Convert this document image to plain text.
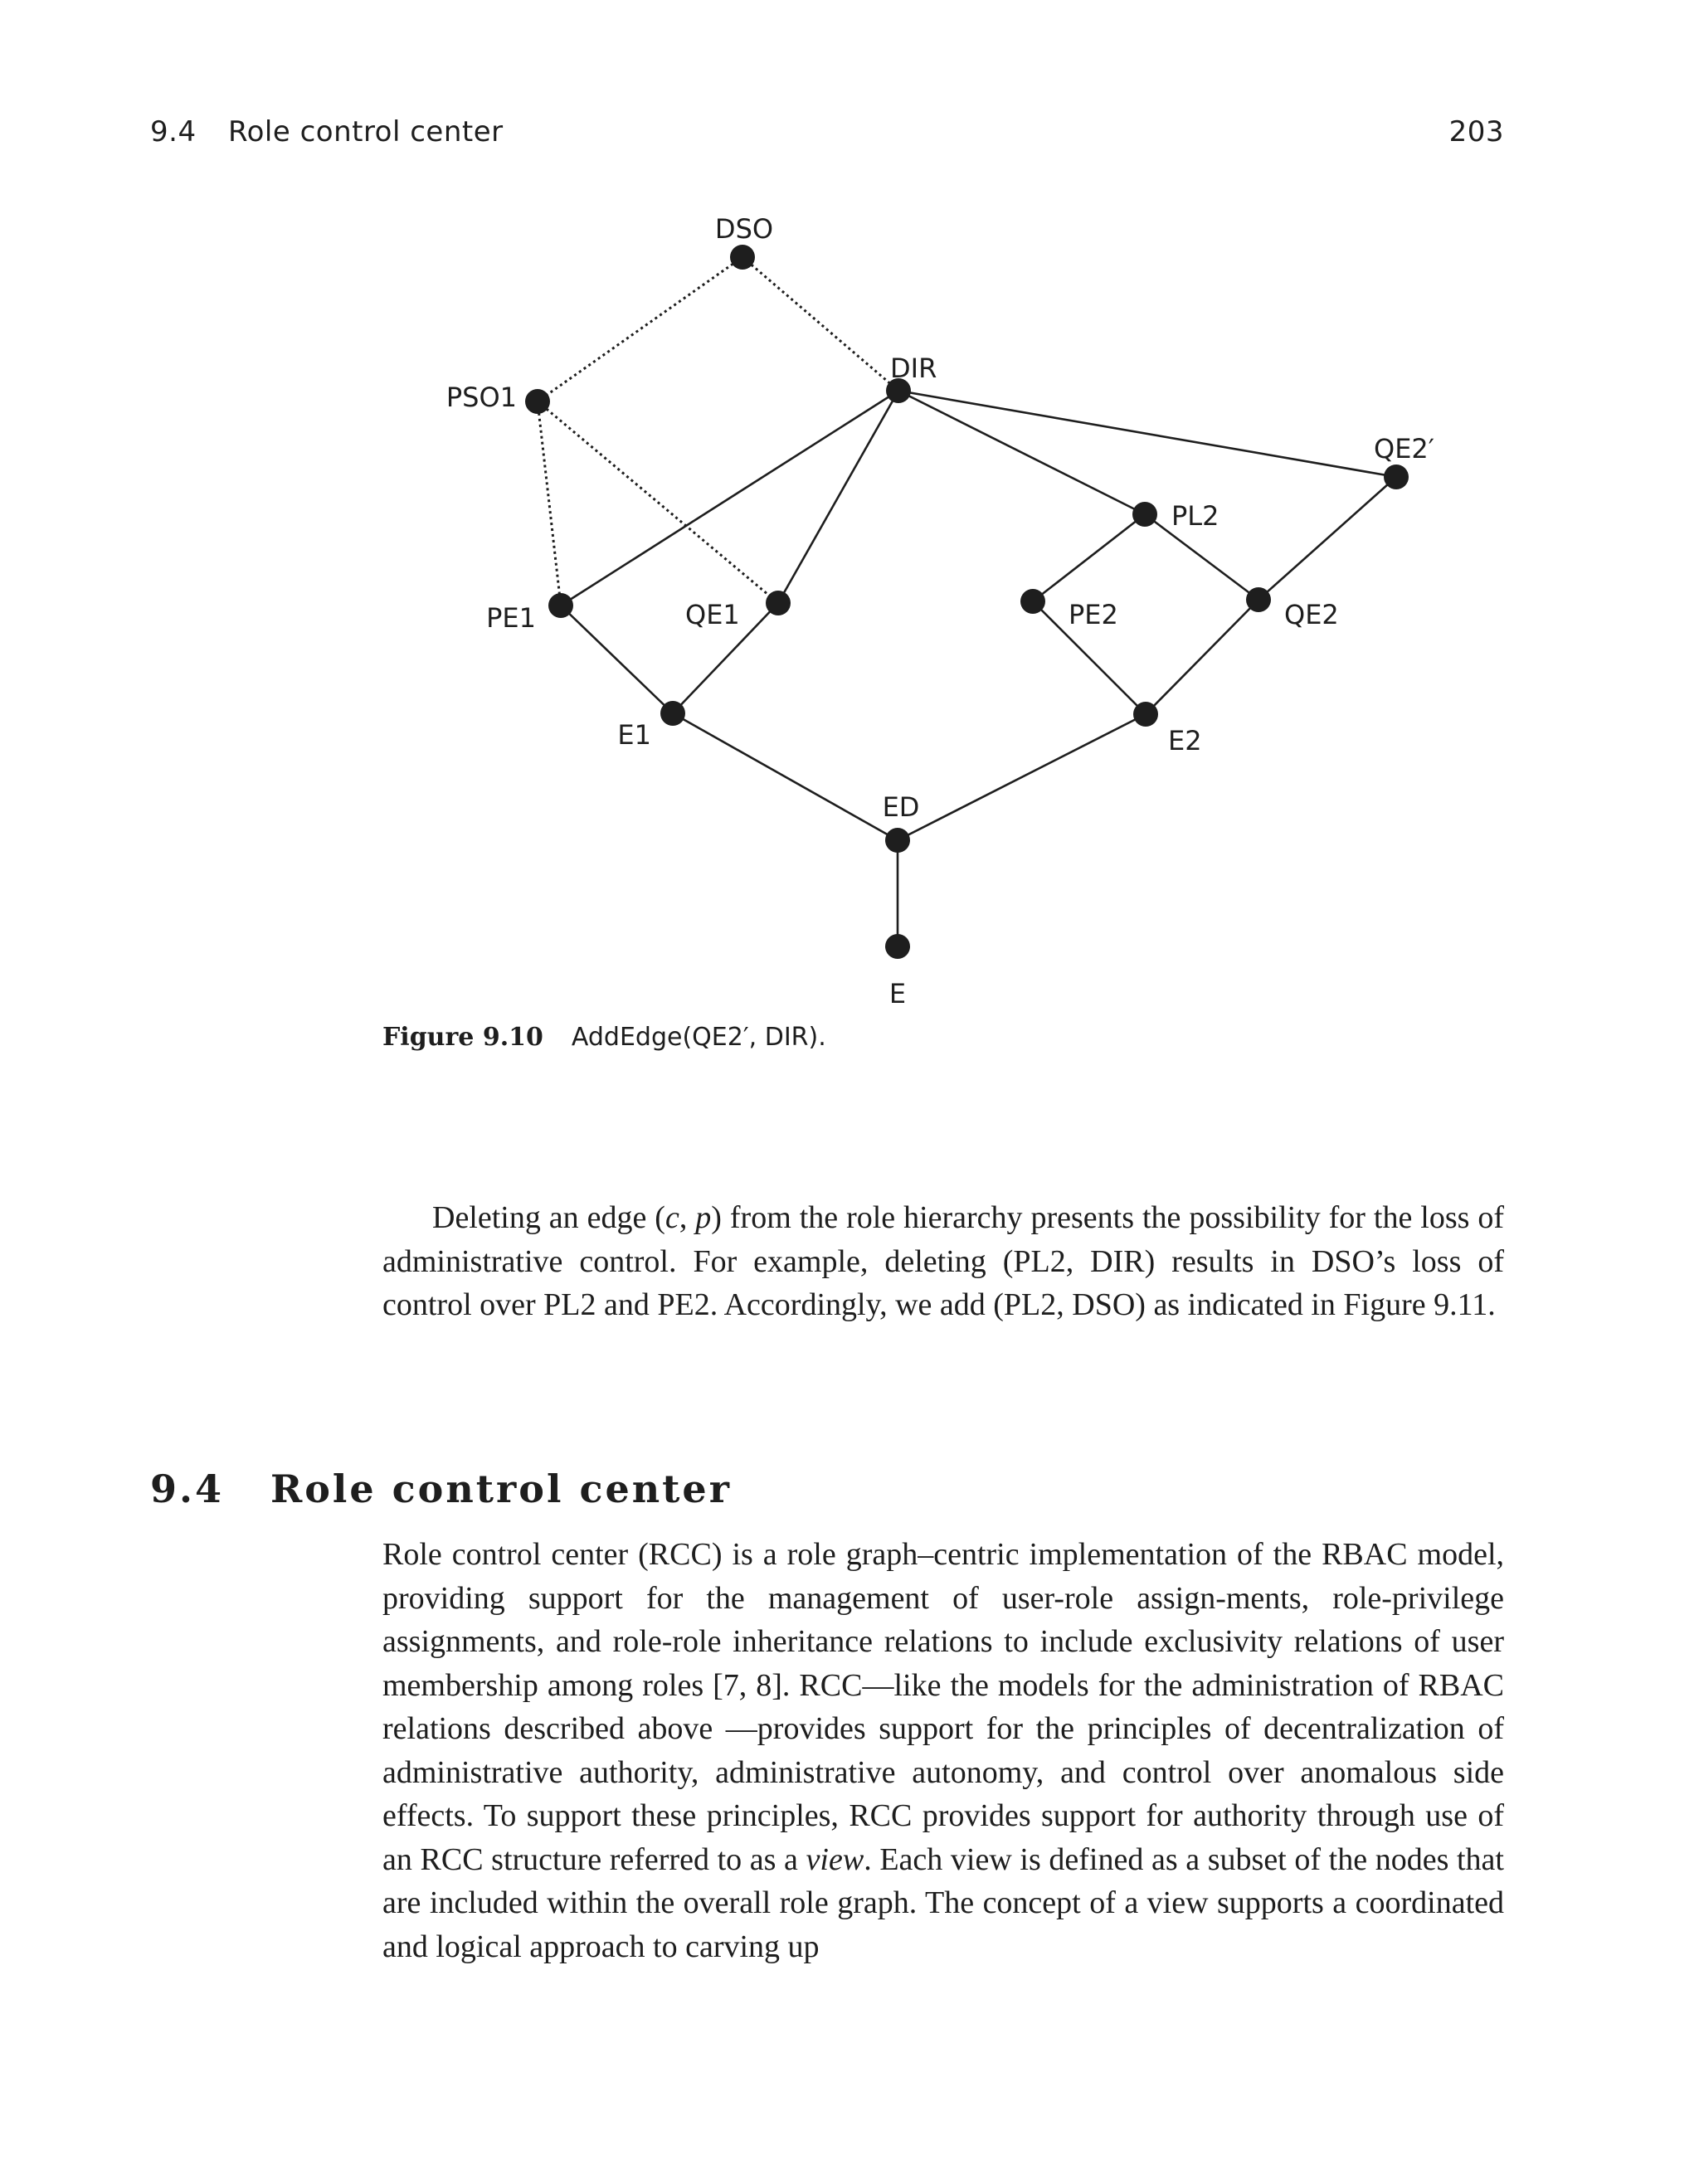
9.4 Role control center	203
DSO
PSO1
DIR
QE2′
PL2
PE1	QE1	PE2	QE2
E1	E2
ED
E
Figure 9.10 AddEdge(QE2′, DIR).
Deleting an edge (c, p) from the role hierarchy presents the possibility for the loss of administrative control. For example, deleting (PL2, DIR) results in DSO’s loss of control over PL2 and PE2. Accordingly, we add (PL2, DSO) as indicated in Figure 9.11.
9.4 Role control center
Role control center (RCC) is a role graph–centric implementation of the RBAC model, providing support for the management of user-role assign-ments, role-privilege assignments, and role-role inheritance relations to include exclusivity relations of user membership among roles [7, 8]. RCC—like the models for the administration of RBAC relations described above —provides support for the principles of decentralization of administrative authority, administrative autonomy, and control over anomalous side effects. To support these principles, RCC provides support for authority through use of an RCC structure referred to as a view. Each view is defined as a subset of the nodes that are included within the overall role graph. The concept of a view supports a coordinated and logical approach to carving up
